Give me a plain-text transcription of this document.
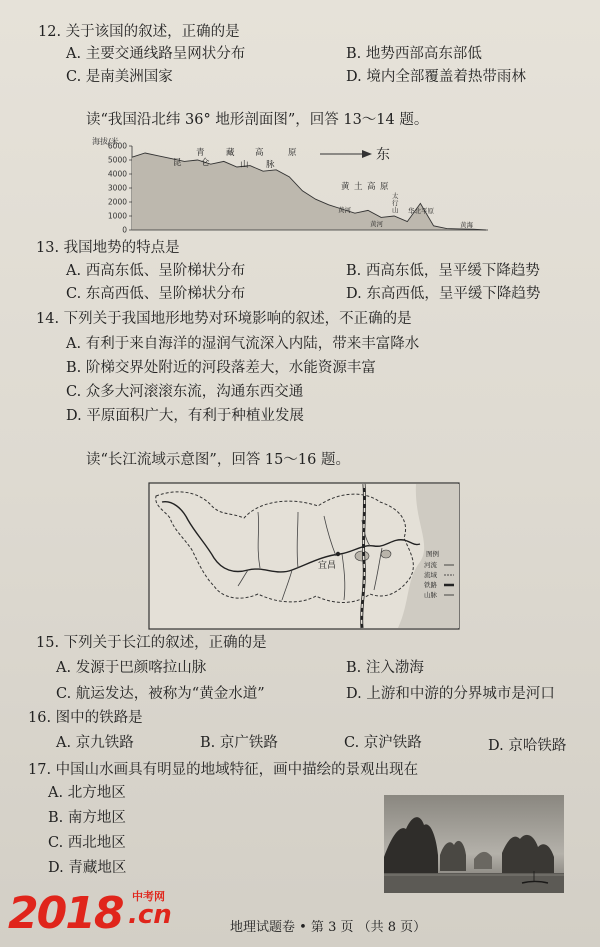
12. 关于该国的叙述，正确的是
A. 主要交通线路呈网状分布	B. 地势西部高东部低
C. 是南美洲国家	D. 境内全部覆盖着热带雨林
读“我国沿北纬 36° 地形剖面图”，回答 13～14 题。
海拔/米
6000
5000
4000
3000
2000
1000
0
东
青	藏 高	原
昆 仑	山 脉
黄 土 高 原
太
行
山
黄河	华北平原
黄河	黄海
13. 我国地势的特点是
A. 西高东低、呈阶梯状分布	B. 西高东低，呈平缓下降趋势
C. 东高西低、呈阶梯状分布	D. 东高西低，呈平缓下降趋势
14. 下列关于我国地形地势对环境影响的叙述，不正确的是
A. 有利于来自海洋的湿润气流深入内陆，带来丰富降水
B. 阶梯交界处附近的河段落差大，水能资源丰富
C. 众多大河滚滚东流，沟通东西交通
D. 平原面积广大，有利于种植业发展
读“长江流域示意图”，回答 15～16 题。
宜昌
图例
河流
流域
铁路
山脉
15. 下列关于长江的叙述，正确的是
A. 发源于巴颜喀拉山脉	B. 注入渤海
C. 航运发达，被称为“黄金水道”	D. 上游和中游的分界城市是河口
16. 图中的铁路是
A. 京九铁路	B. 京广铁路	C. 京沪铁路	D. 京哈铁路
17. 中国山水画具有明显的地域特征，画中描绘的景观出现在
A. 北方地区
B. 南方地区
C. 西北地区
D. 青藏地区
2018 中考网
.cn	地理试题卷 • 第 3 页 （共 8 页）
